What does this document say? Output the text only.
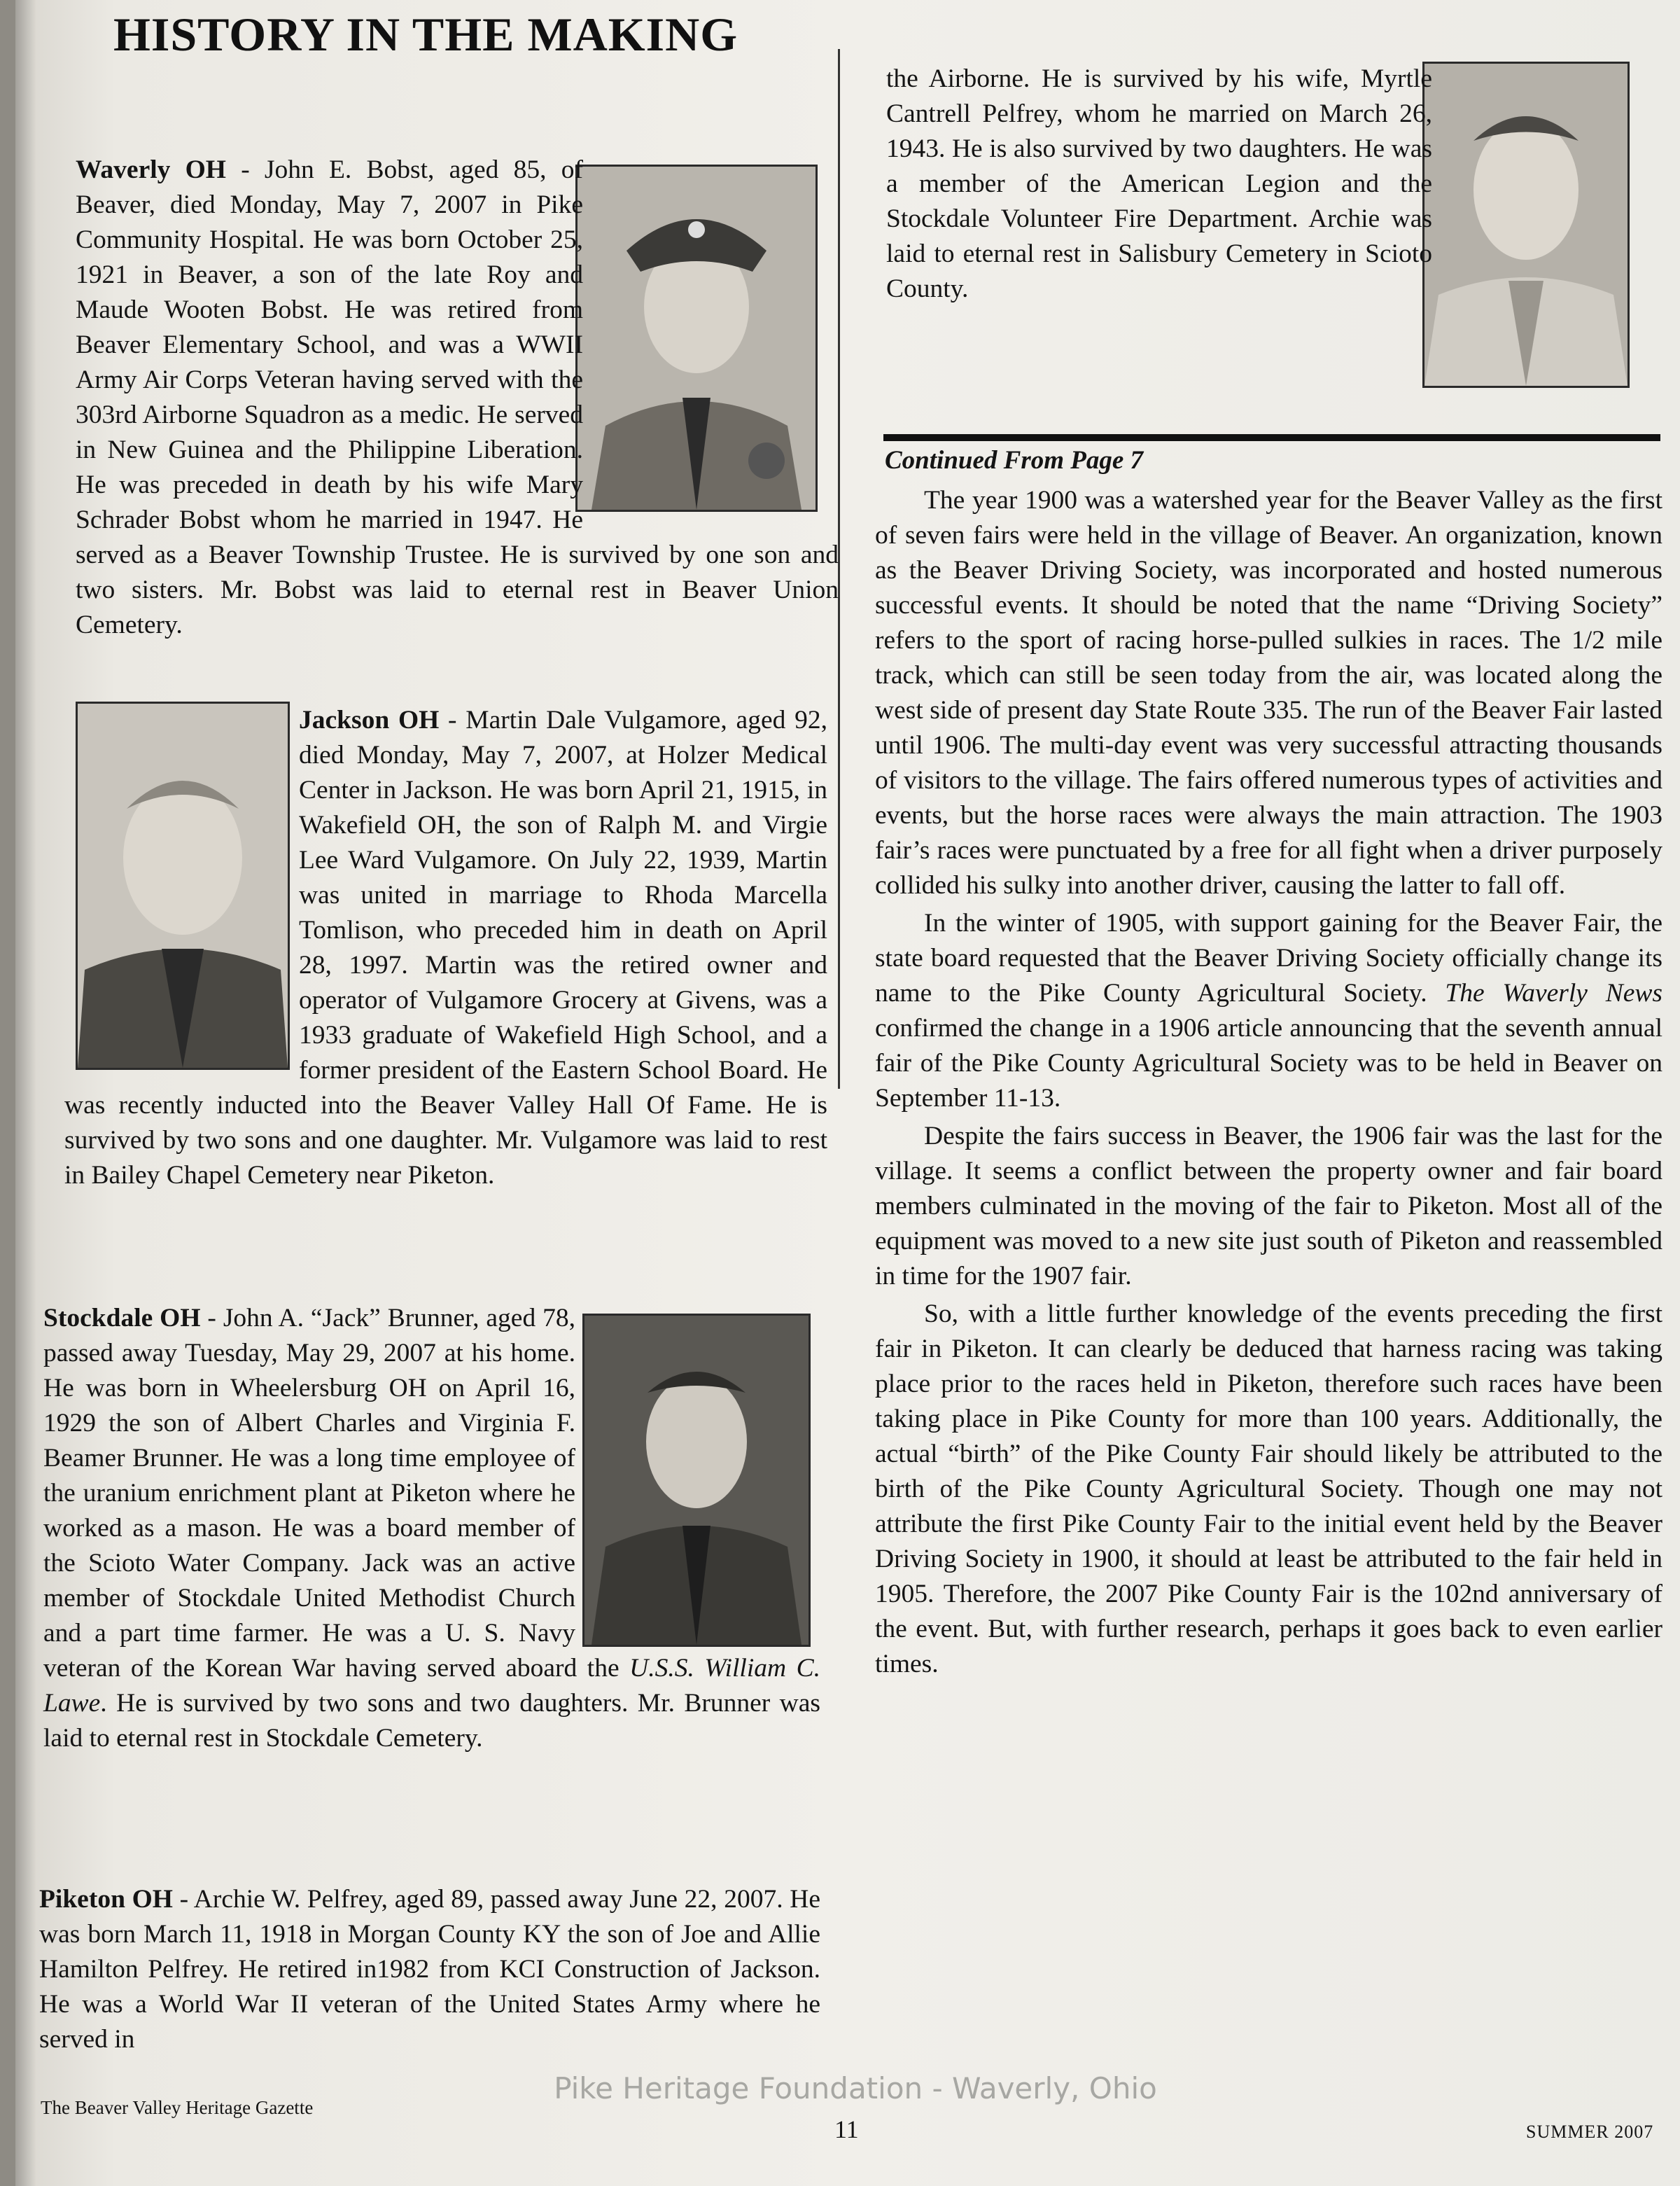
HISTORY IN THE MAKING

Waverly OH - John E. Bobst, aged 85, of Beaver, died Monday, May 7, 2007 in Pike Community Hospital. He was born October 25, 1921 in Beaver, a son of the late Roy and Maude Wooten Bobst. He was retired from Beaver Elementary School, and was a WWII Army Air Corps Veteran having served with the 303rd Airborne Squadron as a medic. He served in New Guinea and the Philippine Liberation. He was preceded in death by his wife Mary Schrader Bobst whom he married in 1947. He served as a Beaver Township Trustee. He is survived by one son and two sisters. Mr. Bobst was laid to eternal rest in Beaver Union Cemetery.

Jackson OH - Martin Dale Vulgamore, aged 92, died Monday, May 7, 2007, at Holzer Medical Center in Jackson. He was born April 21, 1915, in Wakefield OH, the son of Ralph M. and Virgie Lee Ward Vulgamore. On July 22, 1939, Martin was united in marriage to Rhoda Marcella Tomlison, who preceded him in death on April 28, 1997. Martin was the retired owner and operator of Vulgamore Grocery at Givens, was a 1933 graduate of Wakefield High School, and a former president of the Eastern School Board. He was recently inducted into the Beaver Valley Hall Of Fame. He is survived by two sons and one daughter. Mr. Vulgamore was laid to rest in Bailey Chapel Cemetery near Piketon.

Stockdale OH - John A. “Jack” Brunner, aged 78, passed away Tuesday, May 29, 2007 at his home. He was born in Wheelersburg OH on April 16, 1929 the son of Albert Charles and Virginia F. Beamer Brunner. He was a long time employee of the uranium enrichment plant at Piketon where he worked as a mason. He was a board member of the Scioto Water Company. Jack was an active member of Stockdale United Methodist Church and a part time farmer. He was a U. S. Navy veteran of the Korean War having served aboard the U.S.S. William C. Lawe. He is survived by two sons and two daughters. Mr. Brunner was laid to eternal rest in Stockdale Cemetery.

Piketon OH - Archie W. Pelfrey, aged 89, passed away June 22, 2007. He was born March 11, 1918 in Morgan County KY the son of Joe and Allie Hamilton Pelfrey. He retired in1982 from KCI Construction of Jackson. He was a World War II veteran of the United States Army where he served in

the Airborne. He is survived by his wife, Myrtle Cantrell Pelfrey, whom he married on March 26, 1943. He is also survived by two daughters. He was a member of the American Legion and the Stockdale Volunteer Fire Department. Archie was laid to eternal rest in Salisbury Cemetery in Scioto County.

Continued From Page 7

The year 1900 was a watershed year for the Beaver Valley as the first of seven fairs were held in the village of Beaver. An organization, known as the Beaver Driving Society, was incorporated and hosted numerous successful events. It should be noted that the name “Driving Society” refers to the sport of racing horse-pulled sulkies in races. The 1/2 mile track, which can still be seen today from the air, was located along the west side of present day State Route 335. The run of the Beaver Fair lasted until 1906. The multi-day event was very successful attracting thousands of visitors to the village. The fairs offered numerous types of activities and events, but the horse races were always the main attraction. The 1903 fair’s races were punctuated by a free for all fight when a driver purposely collided his sulky into another driver, causing the latter to fall off.

In the winter of 1905, with support gaining for the Beaver Fair, the state board requested that the Beaver Driving Society officially change its name to the Pike County Agricultural Society. The Waverly News confirmed the change in a 1906 article announcing that the seventh annual fair of the Pike County Agricultural Society was to be held in Beaver on September 11-13.

Despite the fairs success in Beaver, the 1906 fair was the last for the village. It seems a conflict between the property owner and fair board members culminated in the moving of the fair to Piketon. Most all of the equipment was moved to a new site just south of Piketon and reassembled in time for the 1907 fair.

So, with a little further knowledge of the events preceding the first fair in Piketon. It can clearly be deduced that harness racing was taking place prior to the races held in Piketon, therefore such races have been taking place in Pike County for more than 100 years. Additionally, the actual “birth” of the Pike County Fair should likely be attributed to the birth of the Pike County Agricultural Society. Though one may not attribute the first Pike County Fair to the initial event held by the Beaver Driving Society in 1900, it should at least be attributed to the fair held in 1905. Therefore, the 2007 Pike County Fair is the 102nd anniversary of the event. But, with further research, perhaps it goes back to even earlier times.

Pike Heritage Foundation - Waverly, Ohio
The Beaver Valley Heritage Gazette
11	SUMMER 2007
